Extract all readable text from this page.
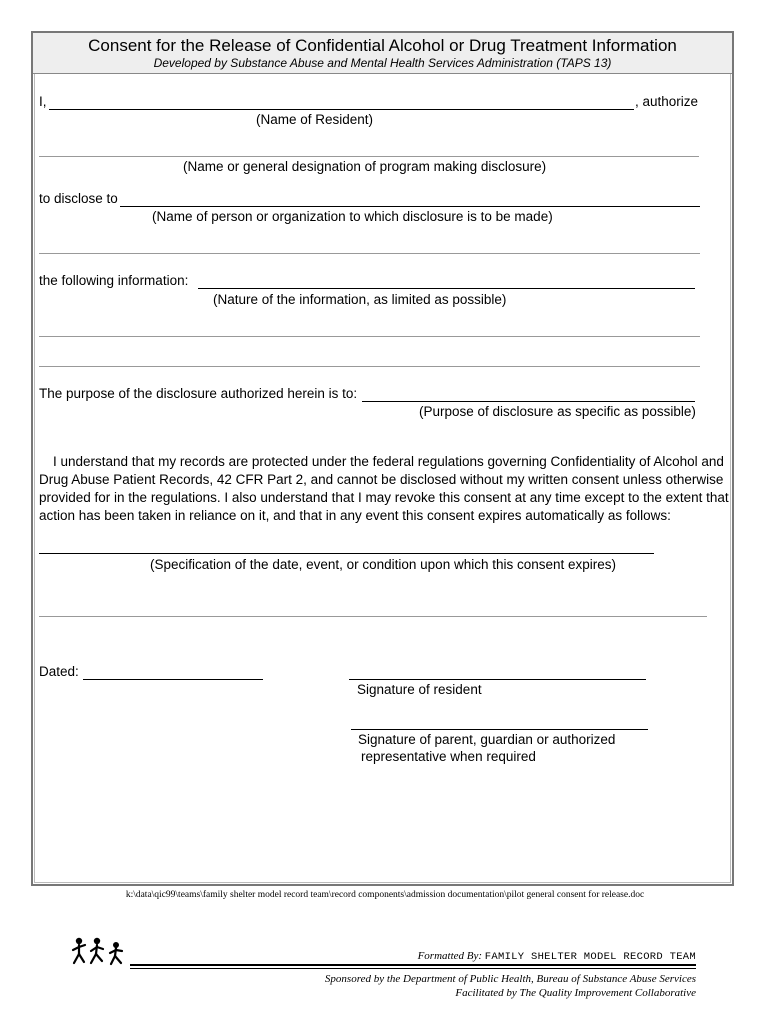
Consent for the Release of Confidential Alcohol or Drug Treatment Information
Developed by Substance Abuse and Mental Health Services Administration (TAPS 13)
I,	, authorize
(Name of Resident)
(Name or general designation of program making disclosure)
to disclose to
(Name of person or organization to which disclosure is to be made)
the following information:
(Nature of the information, as limited as possible)
The purpose of the disclosure authorized herein is to:
(Purpose of disclosure as specific as possible)
I understand that my records are protected under the federal regulations governing Confidentiality of Alcohol and Drug Abuse Patient Records, 42 CFR Part 2, and cannot be disclosed without my written consent unless otherwise provided for in the regulations. I also understand that I may revoke this consent at any time except to the extent that action has been taken in reliance on it, and that in any event this consent expires automatically as follows:
(Specification of the date, event, or condition upon which this consent expires)
Dated:
Signature of resident
Signature of parent, guardian or authorized
representative when required
k:\data\qic99\teams\family shelter model record team\record components\admission documentation\pilot general consent for release.doc
Formatted By: FAMILY SHELTER MODEL RECORD TEAM
Sponsored by the Department of Public Health, Bureau of Substance Abuse Services
Facilitated by The Quality Improvement Collaborative
